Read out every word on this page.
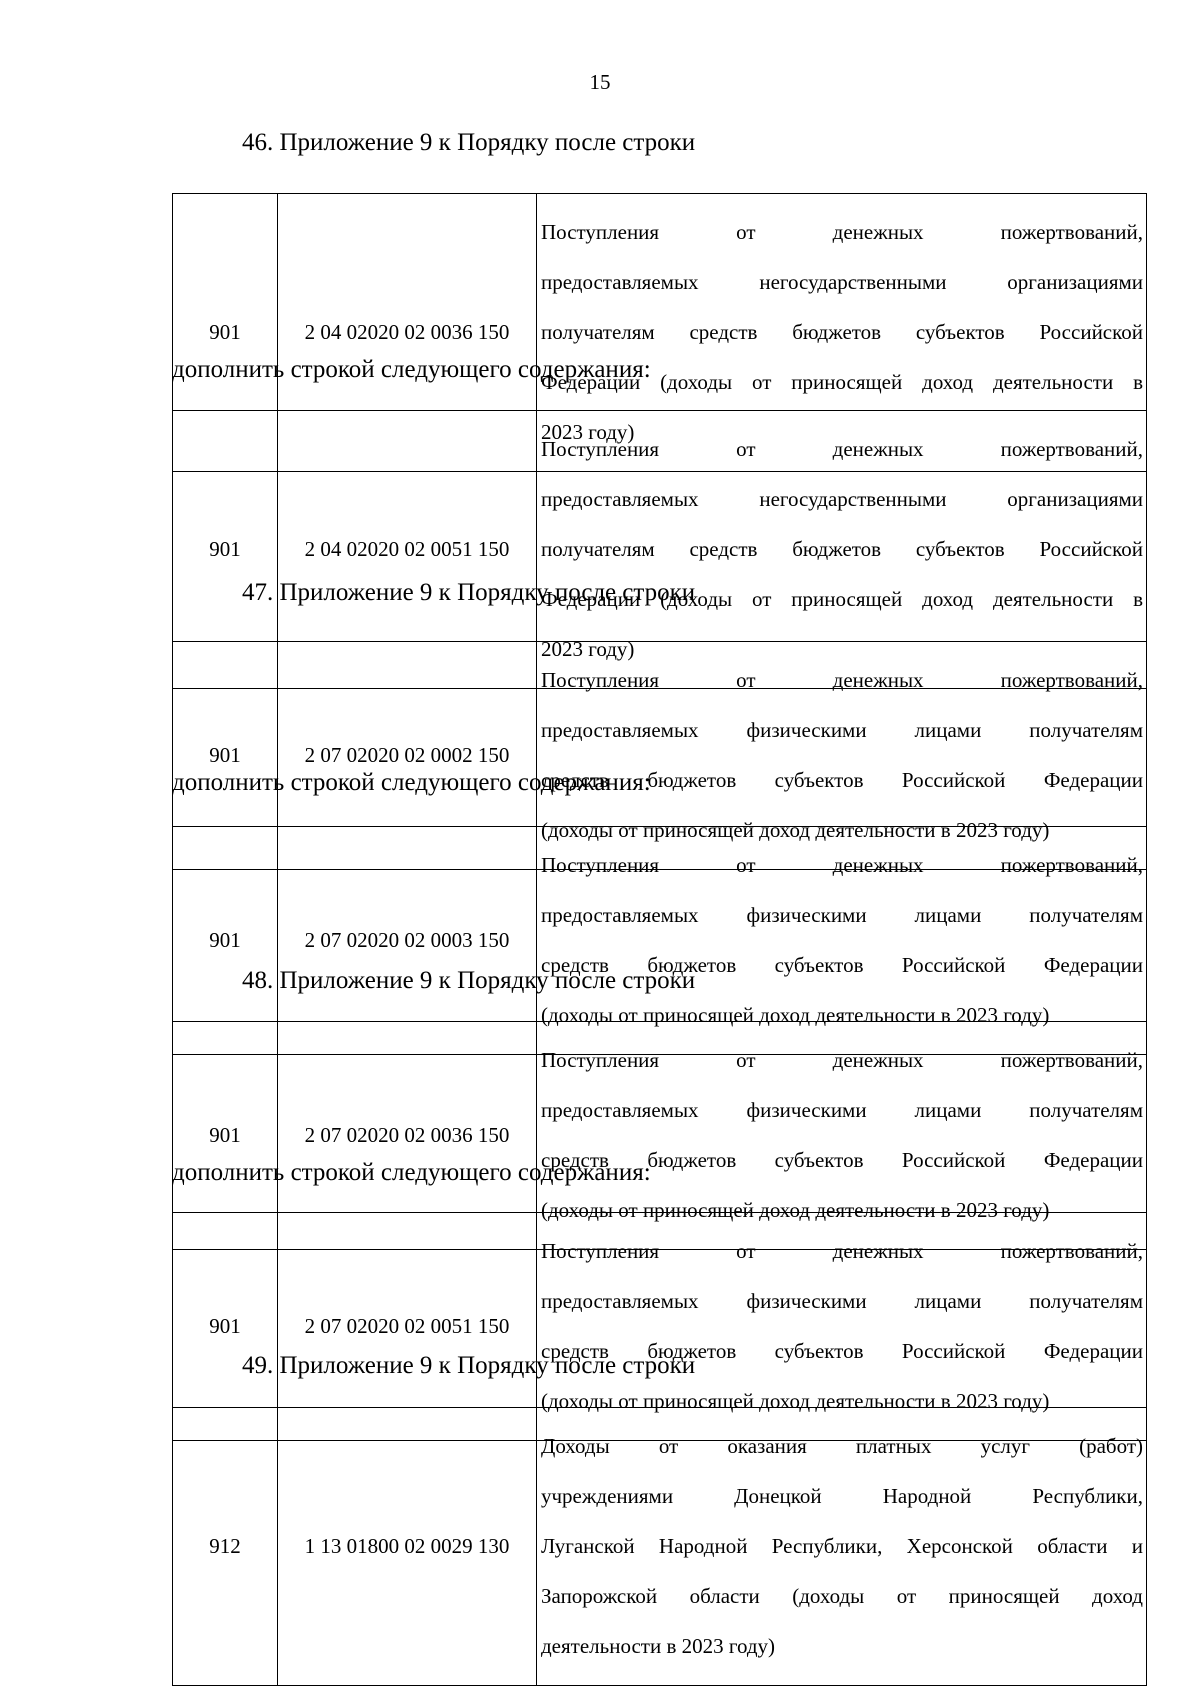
15
46. Приложение 9 к Порядку после строки
901	2 04 02020 02 0036 150	

Поступления от денежных пожертвований,

предоставляемых негосударственными организациями

получателям средств бюджетов субъектов Российской

Федерации (доходы от приносящей доход деятельности в

2023 году)

дополнить строкой следующего содержания:
901	2 04 02020 02 0051 150	

Поступления от денежных пожертвований,

предоставляемых негосударственными организациями

получателям средств бюджетов субъектов Российской

Федерации (доходы от приносящей доход деятельности в

2023 году)

47. Приложение 9 к Порядку после строки
901	2 07 02020 02 0002 150	

Поступления от денежных пожертвований,

предоставляемых физическими лицами получателям

средств бюджетов субъектов Российской Федерации

(доходы от приносящей доход деятельности в 2023 году)

дополнить строкой следующего содержания:
901	2 07 02020 02 0003 150	

Поступления от денежных пожертвований,

предоставляемых физическими лицами получателям

средств бюджетов субъектов Российской Федерации

(доходы от приносящей доход деятельности в 2023 году)

48. Приложение 9 к Порядку после строки
901	2 07 02020 02 0036 150	

Поступления от денежных пожертвований,

предоставляемых физическими лицами получателям

средств бюджетов субъектов Российской Федерации

(доходы от приносящей доход деятельности в 2023 году)

дополнить строкой следующего содержания:
901	2 07 02020 02 0051 150	

Поступления от денежных пожертвований,

предоставляемых физическими лицами получателям

средств бюджетов субъектов Российской Федерации

(доходы от приносящей доход деятельности в 2023 году)

49. Приложение 9 к Порядку после строки
912	1 13 01800 02 0029 130	

Доходы от оказания платных услуг (работ)

учреждениями Донецкой Народной Республики,

Луганской Народной Республики, Херсонской области и

Запорожской области (доходы от приносящей доход

деятельности в 2023 году)
